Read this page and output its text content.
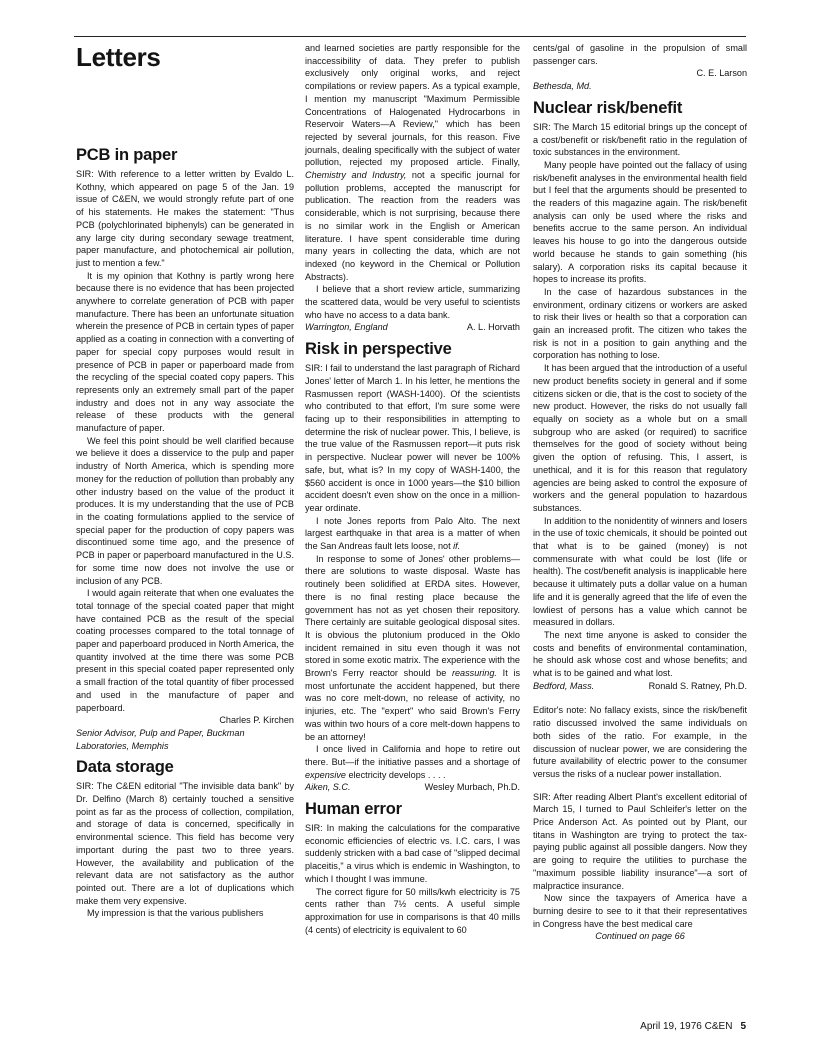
Letters
PCB in paper

SIR: With reference to a letter written by Evaldo L. Kothny, which appeared on page 5 of the Jan. 19 issue of C&EN, we would strongly refute part of one of his statements. He makes the statement: "Thus PCB (polychlorinated biphenyls) can be generated in any large city during secondary sewage treatment, paper manufacture, and photochemical air pollution, just to mention a few."

It is my opinion that Kothny is partly wrong here because there is no evidence that has been projected anywhere to correlate generation of PCB with paper manufacture. There has been an unfortunate situation wherein the presence of PCB in certain types of paper applied as a coating in connection with a converting of paper for special copy purposes would result in presence of PCB in paper or paperboard made from the recycling of the special coated copy papers. This represents only an extremely small part of the paper industry and does not in any way associate the release of these products with the general manufacture of paper.

We feel this point should be well clarified because we believe it does a disservice to the pulp and paper industry of North America, which is spending more money for the reduction of pollution than probably any other industry based on the value of the product it produces. It is my understanding that the use of PCB in the coating formulations applied to the service of special paper for the production of copy papers was discontinued some time ago, and the presence of PCB in paper or paperboard manufactured in the U.S. for some time now does not involve the use or inclusion of any PCB.

I would again reiterate that when one evaluates the total tonnage of the special coated paper that might have contained PCB as the result of the special coating processes compared to the total tonnage of paper and paperboard produced in North America, the quantity involved at the time there was some PCB present in this special coated paper represented only a small fraction of the total quantity of fiber processed and used in the manufacture of paper and paperboard.

Charles P. Kirchen
Senior Advisor, Pulp and Paper, Buckman Laboratories, Memphis
Data storage

SIR: The C&EN editorial "The invisible data bank" by Dr. Delfino (March 8) certainly touched a sensitive point as far as the process of collection, compilation, and storage of data is concerned, specifically in environmental science. This field has become very important during the past two to three years. However, the availability and publication of the relevant data are not satisfactory as the author pointed out. There are a lot of duplications which make them very expensive.

My impression is that the various publishers

and learned societies are partly responsible for the inaccessibility of data. They prefer to publish exclusively only original works, and reject compilations or review papers. As a typical example, I mention my manuscript "Maximum Permissible Concentrations of Halogenated Hydrocarbons in Reservoir Waters—A Review," which has been rejected by several journals, for this reason. Five journals, dealing specifically with the subject of water pollution, rejected my proposed article. Finally, Chemistry and Industry, not a specific journal for pollution problems, accepted the manuscript for publication. The reaction from the readers was considerable, which is not surprising, because there is no similar work in the English or American literature. I have spent considerable time during many years in collecting the data, which are not indexed (no keyword in the Chemical or Pollution Abstracts).

I believe that a short review article, summarizing the scattered data, would be very useful to scientists who have no access to a data bank.

Warrington, England	A. L. Horvath
Risk in perspective

SIR: I fail to understand the last paragraph of Richard Jones' letter of March 1. In his letter, he mentions the Rasmussen report (WASH-1400). Of the scientists who contributed to that effort, I'm sure some were facing up to their responsibilities in attempting to determine the risk of nuclear power. This, I believe, is the true value of the Rasmussen report—it puts risk in perspective. Nuclear power will never be 100% safe, but, what is? In my copy of WASH-1400, the $560 accident is once in 1000 years—the $10 billion accident doesn't even show on the once in a million-year ordinate.

I note Jones reports from Palo Alto. The next largest earthquake in that area is a matter of when the San Andreas fault lets loose, not if.

In response to some of Jones' other problems—there are solutions to waste disposal. Waste has routinely been solidified at ERDA sites. However, there is no final resting place because the government has not as yet chosen their repository. There certainly are suitable geological disposal sites. It is obvious the plutonium produced in the Oklo incident remained in situ even though it was not stored in some exotic matrix. The experience with the Brown's Ferry reactor should be reassuring. It is most unfortunate the accident happened, but there was no core melt-down, no release of activity, no injuries, etc. The "expert" who said Brown's Ferry was within two hours of a core melt-down happens to be an attorney!

I once lived in California and hope to retire out there. But—if the initiative passes and a shortage of expensive electricity develops . . . .

Aiken, S.C.	Wesley Murbach, Ph.D.
Human error

SIR: In making the calculations for the comparative economic efficiencies of electric vs. I.C. cars, I was suddenly stricken with a bad case of "slipped decimal placeitis," a virus which is endemic in Washington, to which I thought I was immune.

The correct figure for 50 mills/kwh electricity is 75 cents rather than 7½ cents. A useful simple approximation for use in comparisons is that 40 mills (4 cents) of electricity is equivalent to 60

cents/gal of gasoline in the propulsion of small passenger cars.

C. E. Larson
Bethesda, Md.
Nuclear risk/benefit

SIR: The March 15 editorial brings up the concept of a cost/benefit or risk/benefit ratio in the regulation of toxic substances in the environment.

Many people have pointed out the fallacy of using risk/benefit analyses in the environmental health field but I feel that the arguments should be presented to the readers of this magazine again. The risk/benefit analysis can only be used where the risks and benefits accrue to the same person. An individual leaves his house to go into the dangerous outside world because he stands to gain something (his salary). A corporation risks its capital because it hopes to increase its profits.

In the case of hazardous substances in the environment, ordinary citizens or workers are asked to risk their lives or health so that a corporation can gain an increased profit. The citizen who takes the risk is not in a position to gain anything and the corporation has nothing to lose.

It has been argued that the introduction of a useful new product benefits society in general and if some citizens sicken or die, that is the cost to society of the new product. However, the risks do not usually fall equally on society as a whole but on a small subgroup who are asked (or required) to sacrifice themselves for the good of society without being given the option of refusing. This, I assert, is unethical, and it is for this reason that regulatory agencies are being asked to control the exposure of workers and the general population to hazardous substances.

In addition to the nonidentity of winners and losers in the use of toxic chemicals, it should be pointed out that what is to be gained (money) is not commensurate with what could be lost (life or health). The cost/benefit analysis is inapplicable here because it ultimately puts a dollar value on a human life and it is generally agreed that the life of even the lowliest of persons has a value which cannot be measured in dollars.

The next time anyone is asked to consider the costs and benefits of environmental contamination, he should ask whose cost and whose benefits; and what is to be gained and what lost.

Bedford, Mass.	Ronald S. Ratney, Ph.D.

Editor's note: No fallacy exists, since the risk/benefit ratio discussed involved the same individuals on both sides of the ratio. For example, in the discussion of nuclear power, we are considering the future availability of electric power to the consumer versus the risks of a nuclear power installation.

SIR: After reading Albert Plant's excellent editorial of March 15, I turned to Paul Schleifer's letter on the Price Anderson Act. As pointed out by Plant, our titans in Washington are trying to protect the tax-paying public against all possible dangers. Now they are going to require the utilities to purchase the "maximum possible liability insurance"—a sort of malpractice insurance.

Now since the taxpayers of America have a burning desire to see to it that their representatives in Congress have the best medical care

Continued on page 66
April 19, 1976 C&EN 5
